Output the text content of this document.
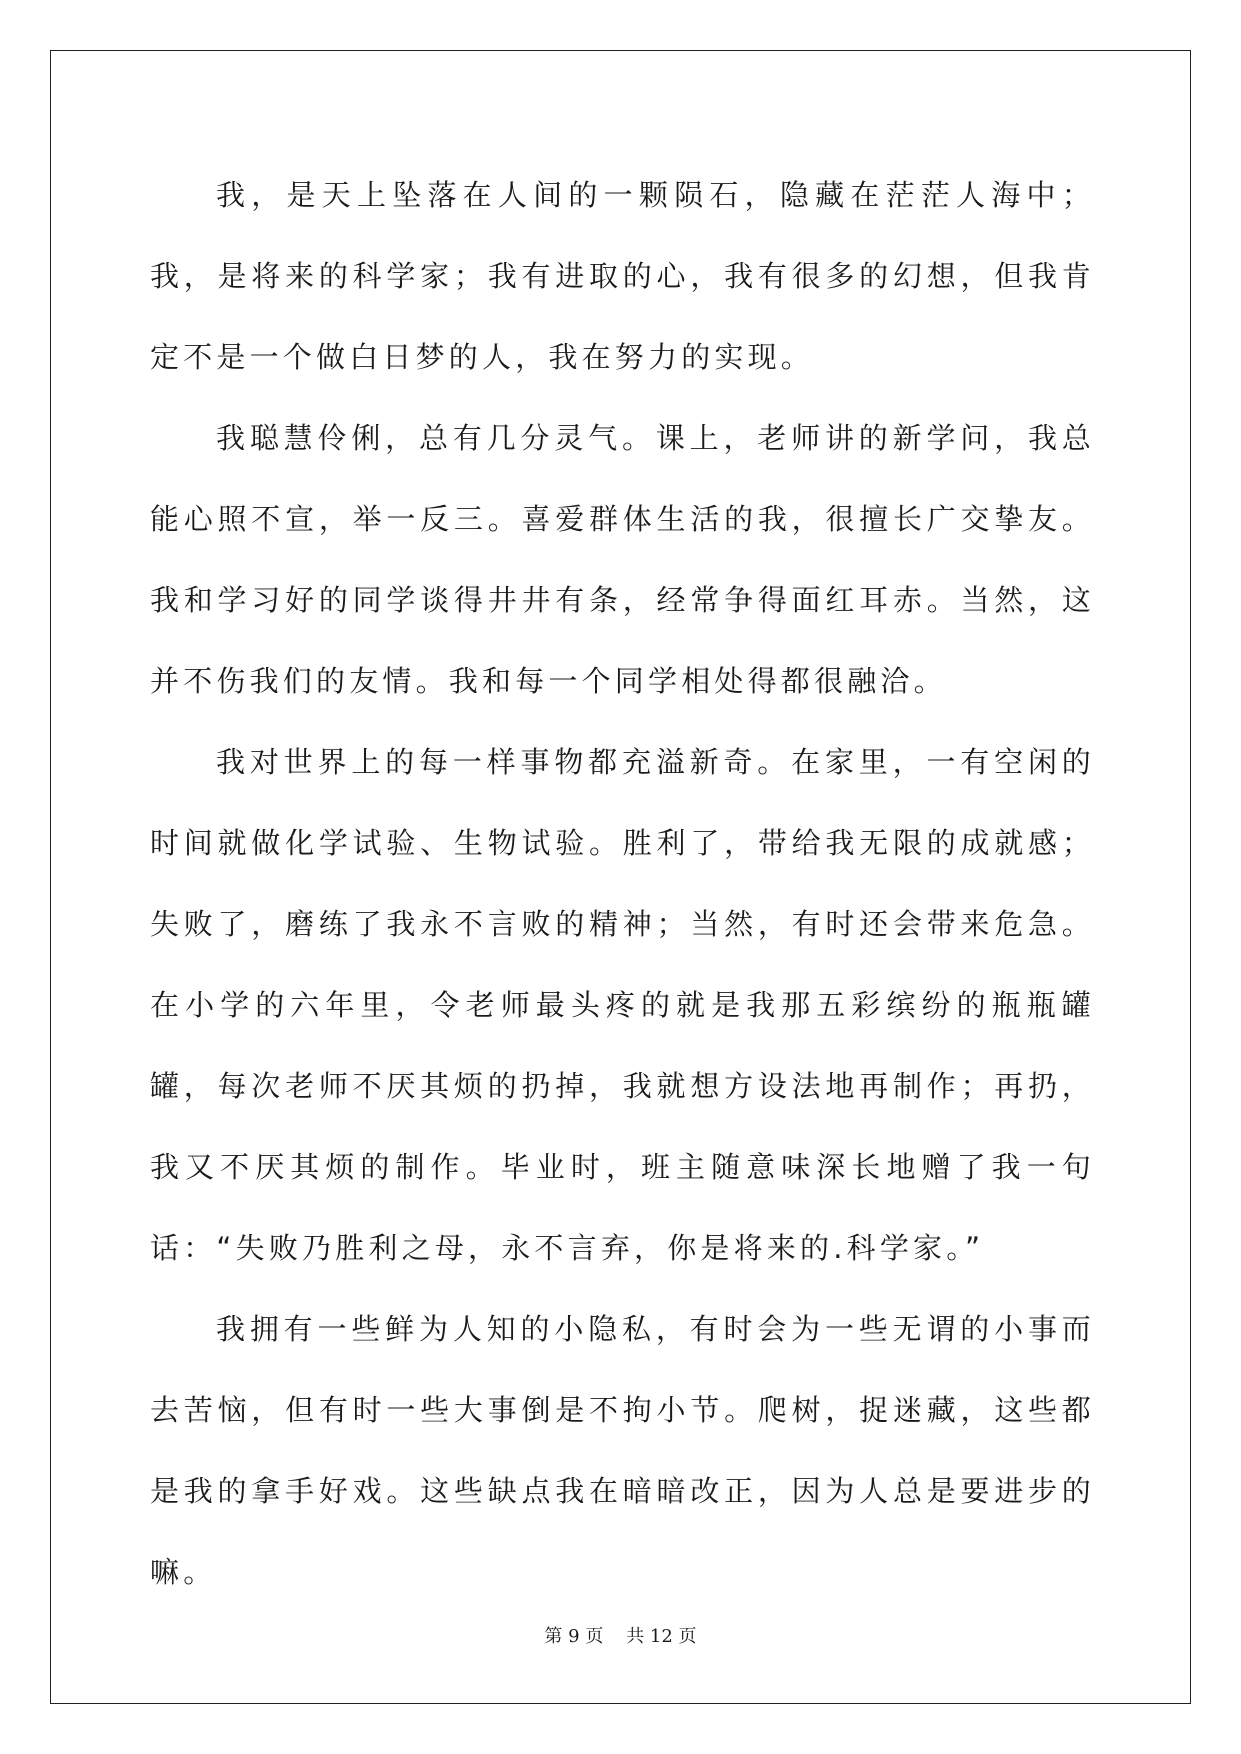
我，是天上坠落在人间的一颗陨石，隐藏在茫茫人海中；我，是将来的科学家；我有进取的心，我有很多的幻想，但我肯定不是一个做白日梦的人，我在努力的实现。

我聪慧伶俐，总有几分灵气。课上，老师讲的新学问，我总能心照不宣，举一反三。喜爱群体生活的我，很擅长广交挚友。我和学习好的同学谈得井井有条，经常争得面红耳赤。当然，这并不伤我们的友情。我和每一个同学相处得都很融洽。

我对世界上的每一样事物都充溢新奇。在家里，一有空闲的时间就做化学试验、生物试验。胜利了，带给我无限的成就感；失败了，磨练了我永不言败的精神；当然，有时还会带来危急。在小学的六年里，令老师最头疼的就是我那五彩缤纷的瓶瓶罐罐，每次老师不厌其烦的扔掉，我就想方设法地再制作；再扔，我又不厌其烦的制作。毕业时，班主随意味深长地赠了我一句话：“失败乃胜利之母，永不言弃，你是将来的.科学家。”

我拥有一些鲜为人知的小隐私，有时会为一些无谓的小事而去苦恼，但有时一些大事倒是不拘小节。爬树，捉迷藏，这些都是我的拿手好戏。这些缺点我在暗暗改正，因为人总是要进步的嘛。

第 9 页    共 12 页
